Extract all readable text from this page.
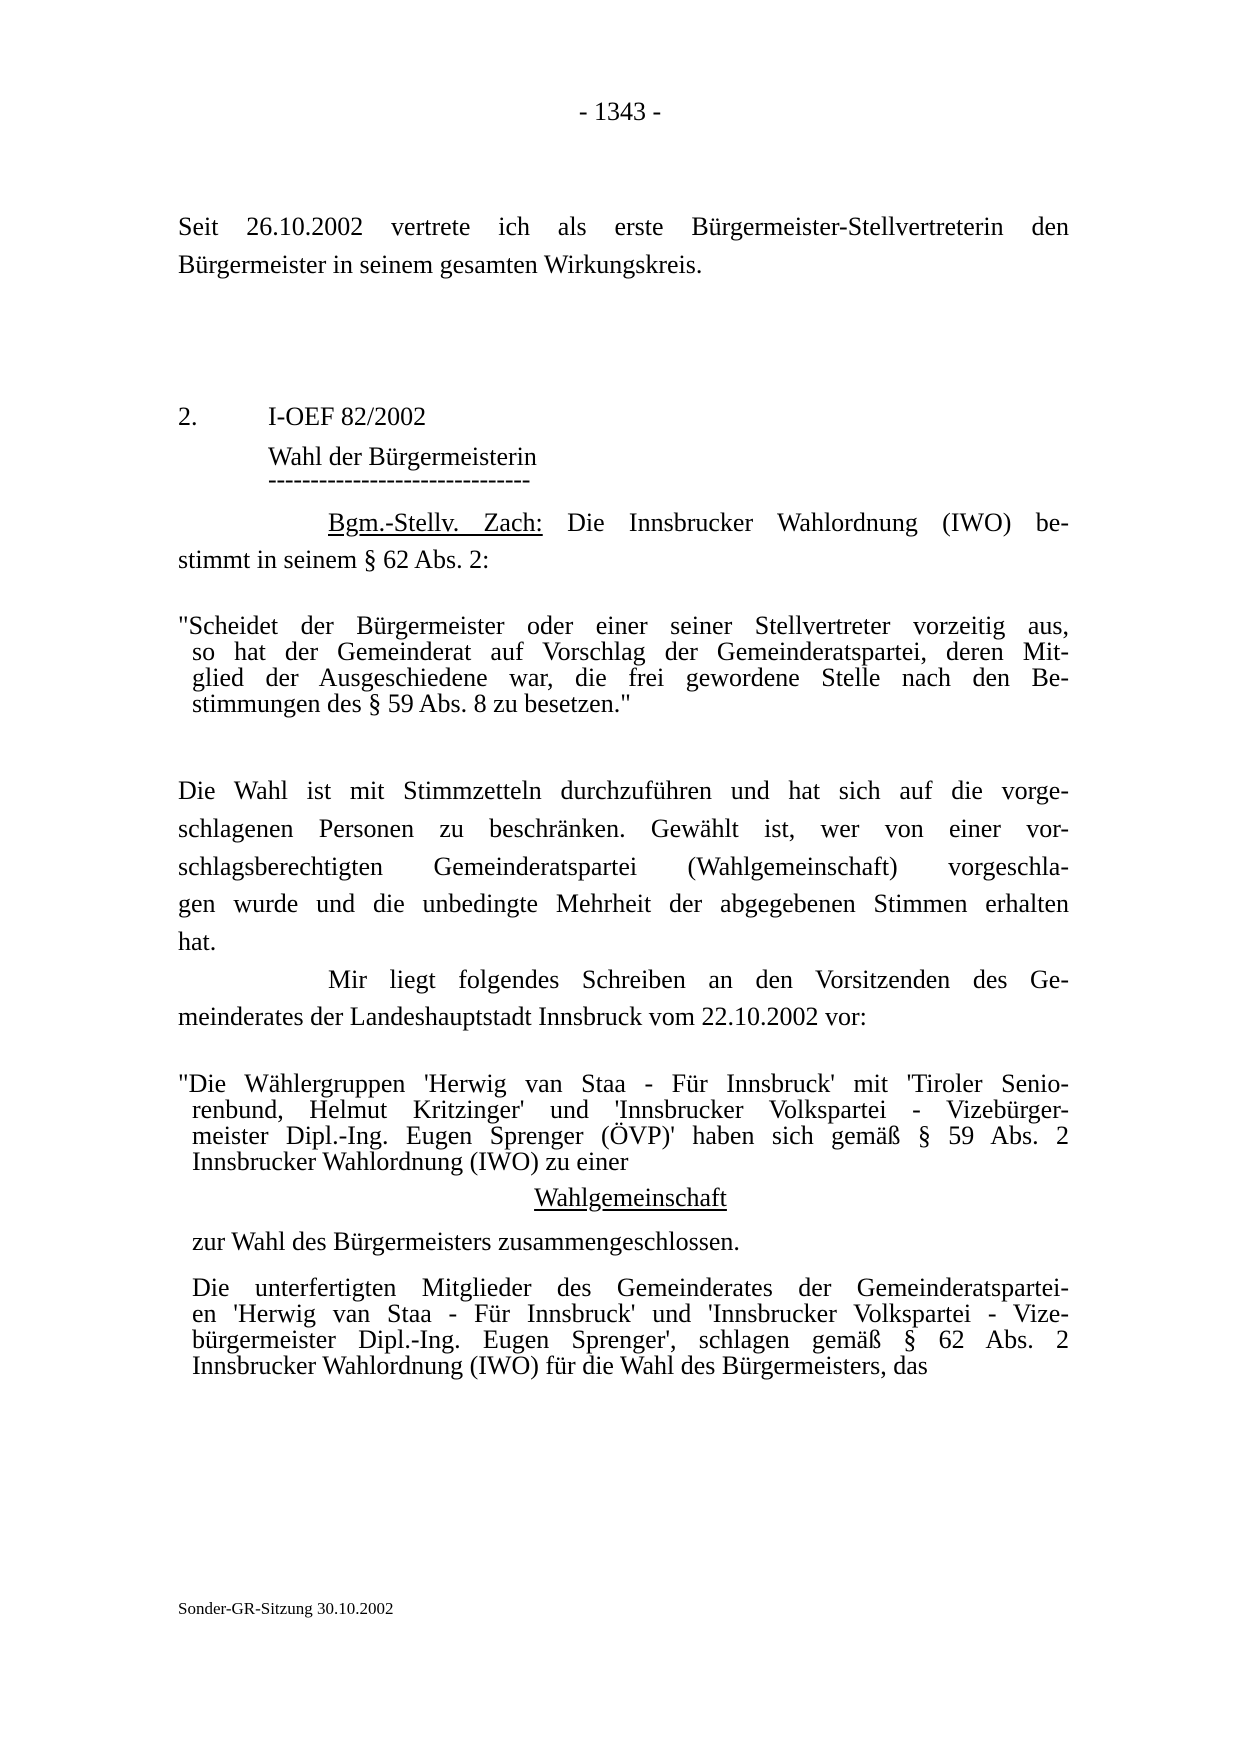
- 1343 -
Seit 26.10.2002 vertrete ich als erste Bürgermeister-Stellvertreterin den
Bürgermeister in seinem gesamten Wirkungskreis.
2.	I-OEF 82/2002
Wahl der Bürgermeisterin
-------------------------------
Bgm.-Stellv. Zach: Die Innsbrucker Wahlordnung (IWO) be-
stimmt in seinem § 62 Abs. 2:
"Scheidet der Bürgermeister oder einer seiner Stellvertreter vorzeitig aus,
so hat der Gemeinderat auf Vorschlag der Gemeinderatspartei, deren Mit-
glied der Ausgeschiedene war, die frei gewordene Stelle nach den Be-
stimmungen des § 59 Abs. 8 zu besetzen."
Die Wahl ist mit Stimmzetteln durchzuführen und hat sich auf die vorge-
schlagenen Personen zu beschränken. Gewählt ist, wer von einer vor-
schlagsberechtigten Gemeinderatspartei (Wahlgemeinschaft) vorgeschla-
gen wurde und die unbedingte Mehrheit der abgegebenen Stimmen erhalten
hat.
Mir liegt folgendes Schreiben an den Vorsitzenden des Ge-
meinderates der Landeshauptstadt Innsbruck vom 22.10.2002 vor:
"Die Wählergruppen 'Herwig van Staa - Für Innsbruck' mit 'Tiroler Senio-
renbund, Helmut Kritzinger' und 'Innsbrucker Volkspartei - Vizebürger-
meister Dipl.-Ing. Eugen Sprenger (ÖVP)' haben sich gemäß § 59 Abs. 2
Innsbrucker Wahlordnung (IWO) zu einer
Wahlgemeinschaft
zur Wahl des Bürgermeisters zusammengeschlossen.
Die unterfertigten Mitglieder des Gemeinderates der Gemeinderatspartei-
en 'Herwig van Staa - Für Innsbruck' und 'Innsbrucker Volkspartei - Vize-
bürgermeister Dipl.-Ing. Eugen Sprenger', schlagen gemäß § 62 Abs. 2
Innsbrucker Wahlordnung (IWO) für die Wahl des Bürgermeisters, das
Sonder-GR-Sitzung 30.10.2002
